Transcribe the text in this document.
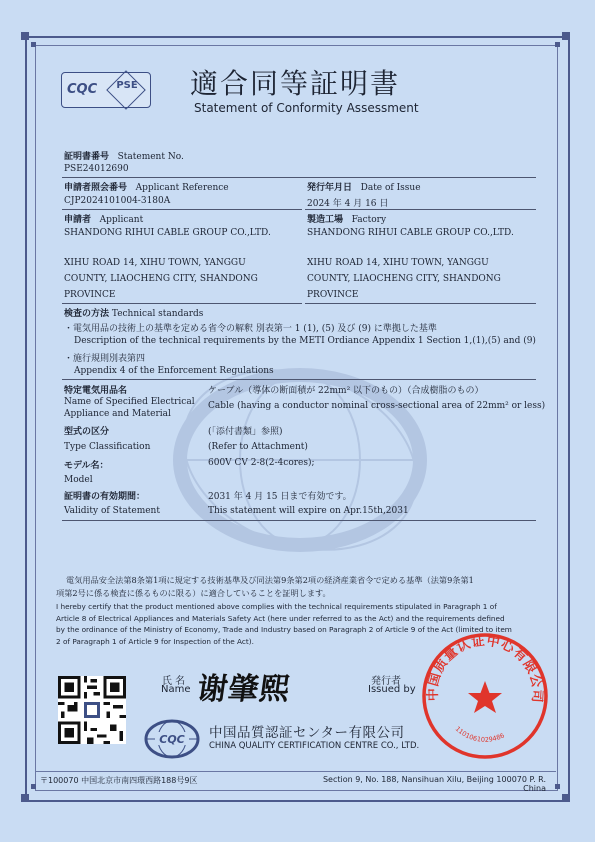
CQC PSE 適合同等証明書
Statement of Conformity Assessment
証明書番号 Statement No.
PSE24012690
申請者照会番号 Applicant Reference
CJP2024101004-3180A
発行年月日 Date of Issue
2024 年 4 月 16 日
申請者 Applicant
SHANDONG RIHUI CABLE GROUP CO.,LTD.
XIHU ROAD 14, XIHU TOWN, YANGGU
COUNTY, LIAOCHENG CITY, SHANDONG
PROVINCE
製造工場 Factory
SHANDONG RIHUI CABLE GROUP CO.,LTD.
XIHU ROAD 14, XIHU TOWN, YANGGU
COUNTY, LIAOCHENG CITY, SHANDONG
PROVINCE
検査の方法 Technical standards
・電気用品の技術上の基準を定める省令の解釈 別表第一 1 (1), (5) 及び (9) に準拠した基準
Description of the technical requirements by the METI Ordiance Appendix 1 Section 1,(1),(5) and (9)
・施行規則別表第四
Appendix 4 of the Enforcement Regulations
特定電気用品名
Name of Specified Electrical
Appliance and Material
ケーブル（導体の断面積が 22mm² 以下のもの）（合成樹脂のもの）
Cable (having a conductor nominal cross-sectional area of 22mm² or less)
型式の区分
Type Classification
(「添付書類」参照)
(Refer to Attachment)
モデル名：
Model
600V CV 2-8(2-4cores);
証明書の有効期間：
Validity of Statement
2031 年 4 月 15 日まで有効です。
This statement will expire on Apr.15th,2031
電気用品安全法第8条第1項に規定する技術基準及び同法第9条第2項の経済産業省令で定める基準（法第9条第1
項第2号に係る検査に係るものに限る）に適合していることを証明します。
I hereby certify that the product mentioned above complies with the technical requirements stipulated in Paragraph 1 of
Article 8 of Electrical Appliances and Materials Safety Act (here under referred to as the Act) and the requirements defined
by the ordinance of the Ministry of Economy, Trade and Industry based on Paragraph 2 of Article 9 of the Act (limited to item
2 of Paragraph 1 of Article 9 for Inspection of the Act).
氏 名
Name 谢肇熙	発行者
Issued by 中国质量认证中心有限公司
1101061029486
CQC 中国品質認証センター有限公司
CHINA QUALITY CERTIFICATION CENTRE CO., LTD.
〒100070 中国北京市南四環西路188号9区	Section 9, No. 188, Nansihuan Xilu, Beijing 100070 P. R. China
